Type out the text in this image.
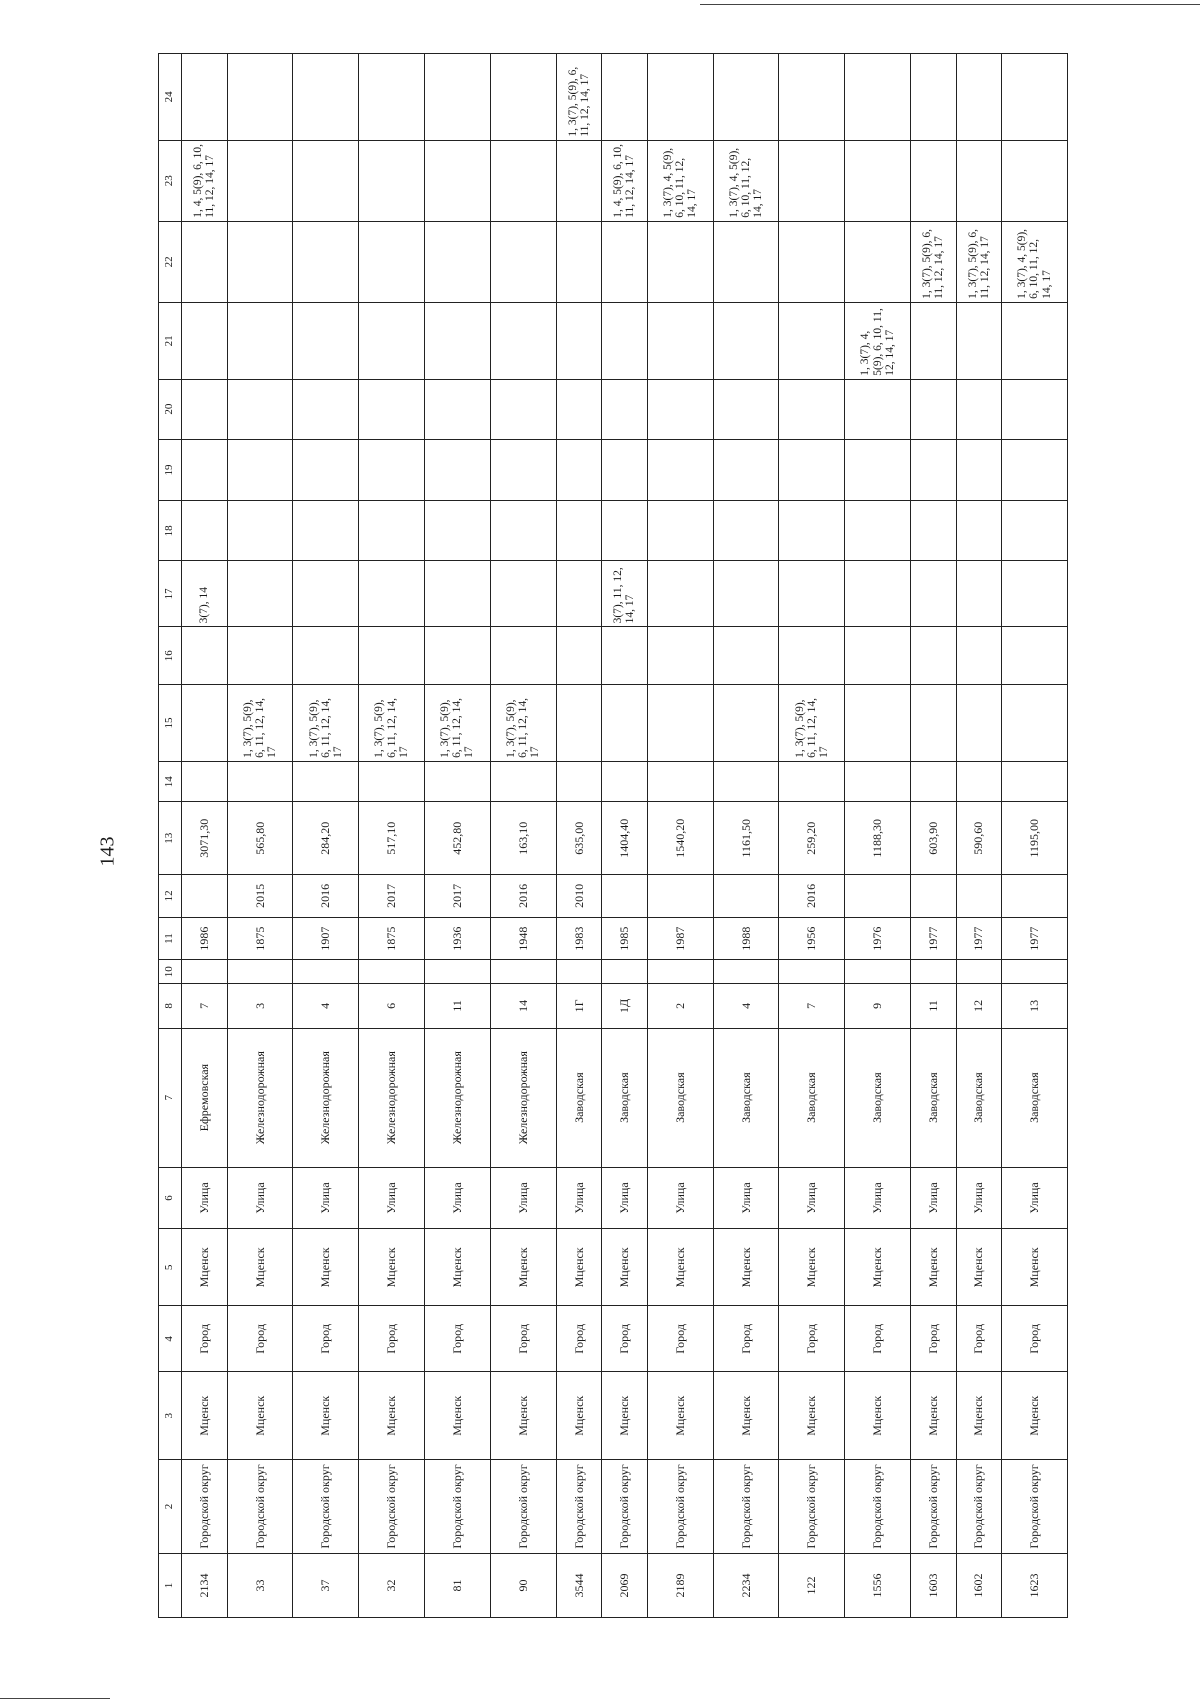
143
1	2	3	4	5	6	7	8	10	11	12	13	14	15	16	17	18	19	20	21	22	23	24
2134	Городской округ	Мценск	Город	Мценск	Улица	Ефремовская	7		1986		3071,30				3(7), 14						1, 4, 5(9), 6, 10, 11, 12, 14, 17	
33	Городской округ	Мценск	Город	Мценск	Улица	Железнодорожная	3		1875	2015	565,80		1, 3(7), 5(9), 6, 11, 12, 14, 17									
37	Городской округ	Мценск	Город	Мценск	Улица	Железнодорожная	4		1907	2016	284,20		1, 3(7), 5(9), 6, 11, 12, 14, 17									
32	Городской округ	Мценск	Город	Мценск	Улица	Железнодорожная	6		1875	2017	517,10		1, 3(7), 5(9), 6, 11, 12, 14, 17									
81	Городской округ	Мценск	Город	Мценск	Улица	Железнодорожная	11		1936	2017	452,80		1, 3(7), 5(9), 6, 11, 12, 14, 17									
90	Городской округ	Мценск	Город	Мценск	Улица	Железнодорожная	14		1948	2016	163,10		1, 3(7), 5(9), 6, 11, 12, 14, 17									
3544	Городской округ	Мценск	Город	Мценск	Улица	Заводская	1Г		1983	2010	635,00											1, 3(7), 5(9), 6, 11, 12, 14, 17
2069	Городской округ	Мценск	Город	Мценск	Улица	Заводская	1Д		1985		1404,40				3(7), 11, 12, 14, 17						1, 4, 5(9), 6, 10, 11, 12, 14, 17	
2189	Городской округ	Мценск	Город	Мценск	Улица	Заводская	2		1987		1540,20										1, 3(7), 4, 5(9), 6, 10, 11, 12, 14, 17	
2234	Городской округ	Мценск	Город	Мценск	Улица	Заводская	4		1988		1161,50										1, 3(7), 4, 5(9), 6, 10, 11, 12, 14, 17	
122	Городской округ	Мценск	Город	Мценск	Улица	Заводская	7		1956	2016	259,20		1, 3(7), 5(9), 6, 11, 12, 14, 17									
1556	Городской округ	Мценск	Город	Мценск	Улица	Заводская	9		1976		1188,30								1, 3(7), 4, 5(9), 6, 10, 11, 12, 14, 17			
1603	Городской округ	Мценск	Город	Мценск	Улица	Заводская	11		1977		603,90									1, 3(7), 5(9), 6, 11, 12, 14, 17		
1602	Городской округ	Мценск	Город	Мценск	Улица	Заводская	12		1977		590,60									1, 3(7), 5(9), 6, 11, 12, 14, 17		
1623	Городской округ	Мценск	Город	Мценск	Улица	Заводская	13		1977		1195,00									1, 3(7), 4, 5(9), 6, 10, 11, 12, 14, 17		
